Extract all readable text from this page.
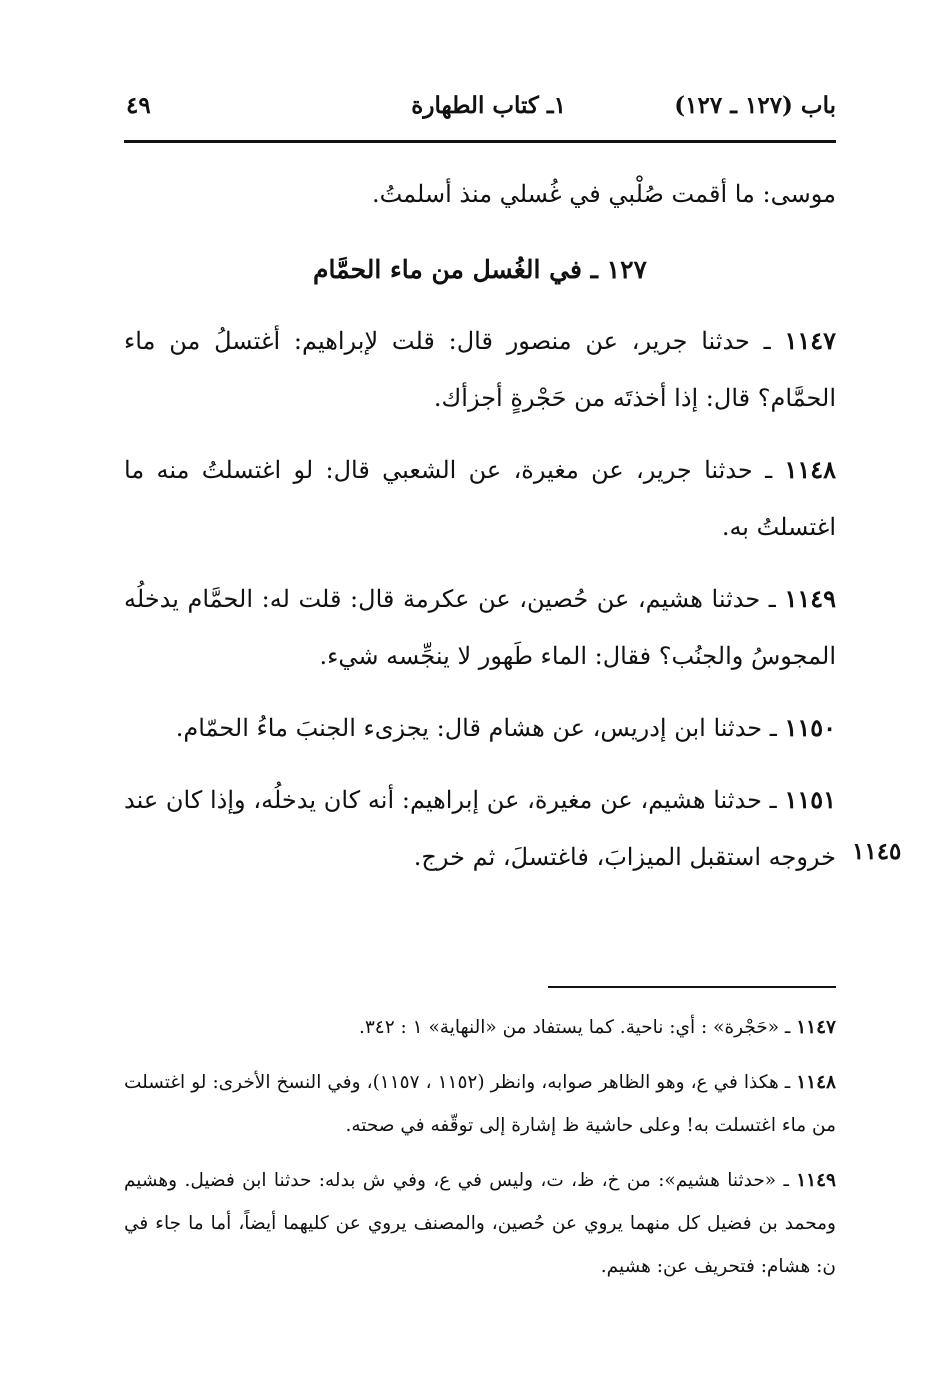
باب (١٢٧ ـ ١٢٧)
١ـ كتاب الطهارة
٤٩

موسى: ما أقمت صُلْبي في غُسلي منذ أسلمتُ.

١٢٧ ـ في الغُسل من ماء الحمَّام

١١٤٧ ـ حدثنا جرير، عن منصور قال: قلت لإبراهيم: أغتسلُ من ماء الحمَّام؟ قال: إذا أخذتَه من حَجْرةٍ أجزأك.

١١٤٨ ـ حدثنا جرير، عن مغيرة، عن الشعبي قال: لو اغتسلتُ منه ما اغتسلتُ به.

١١٤٩ ـ حدثنا هشيم، عن حُصين، عن عكرمة قال: قلت له: الحمَّام يدخلُه المجوسُ والجنُب؟ فقال: الماء طَهور لا ينجِّسه شيء.

١١٥٠ ـ حدثنا ابن إدريس، عن هشام قال: يجزىء الجنبَ ماءُ الحمّام.

١١٥١ ـ حدثنا هشيم، عن مغيرة، عن إبراهيم: أنه كان يدخلُه، وإذا كان عند خروجه استقبل الميزابَ، فاغتسلَ، ثم خرج. ١١٤٥

١١٤٧ ـ «حَجْرة» : أي: ناحية. كما يستفاد من «النهاية» ١ : ٣٤٢.

١١٤٨ ـ هكذا في ع، وهو الظاهر صوابه، وانظر (١١٥٢ ، ١١٥٧)، وفي النسخ الأخرى: لو اغتسلت من ماء اغتسلت به! وعلى حاشية ظ إشارة إلى توقّفه في صحته.

١١٤٩ ـ «حدثنا هشيم»: من خ، ظ، ت، وليس في ع، وفي ش بدله: حدثنا ابن فضيل. وهشيم ومحمد بن فضيل كل منهما يروي عن حُصين، والمصنف يروي عن كليهما أيضاً، أما ما جاء في ن: هشام: فتحريف عن: هشيم.
